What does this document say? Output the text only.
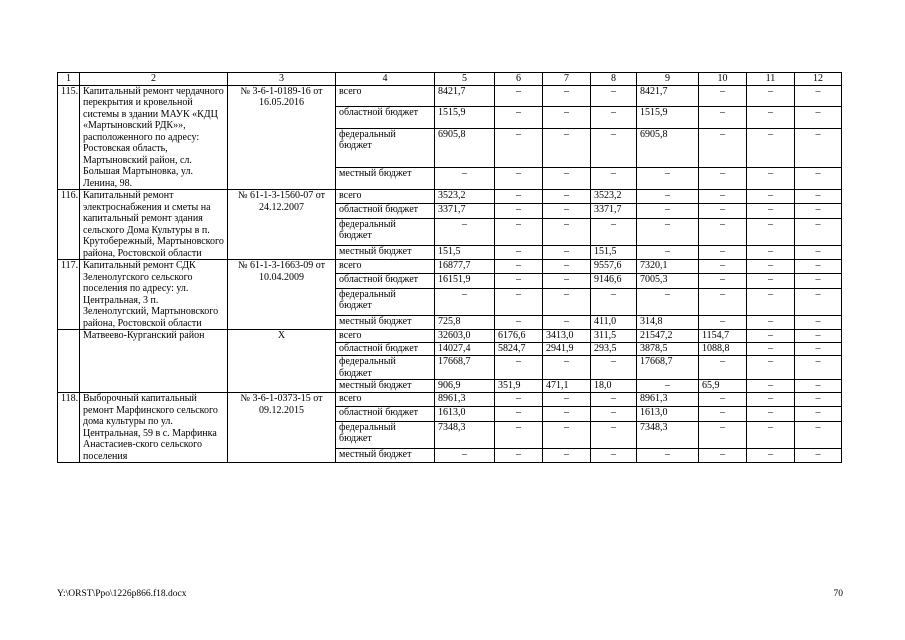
1	2	3	4	5	6	7	8	9	10	11	12
115.	Капитальный ремонт чердачного перекрытия и кровельной системы в здании МАУК «КДЦ «Мартыновский РДК»», расположенного по адресу: Ростовская область, Мартыновский район, сл. Большая Мартыновка, ул. Ленина, 98.	№ 3-6-1-0189-16 от 16.05.2016	всего	8421,7	–	–	–	8421,7	–	–	–
			областной бюджет	1515,9	–	–	–	1515,9	–	–	–
			федеральный бюджет	6905,8	–	–	–	6905,8	–	–	–
			местный бюджет	–	–	–	–	–	–	–	–
116.	Капитальный ремонт электроснабжения и сметы на капитальный ремонт здания сельского Дома Культуры в п. Крутобережный, Мартыновского района, Ростовской области	№ 61-1-3-1560-07 от 24.12.2007	всего	3523,2	–	–	3523,2	–	–	–	–
			областной бюджет	3371,7	–	–	3371,7	–	–	–	–
			федеральный бюджет	–	–	–	–	–	–	–	–
			местный бюджет	151,5	–	–	151,5	–	–	–	–
117.	Капитальный ремонт СДК Зеленолугского сельского поселения по адресу: ул. Центральная, 3 п. Зеленолугский, Мартыновского района, Ростовской области	№ 61-1-3-1663-09 от 10.04.2009	всего	16877,7	–	–	9557,6	7320,1	–	–	–
			областной бюджет	16151,9	–	–	9146,6	7005,3	–	–	–
			федеральный бюджет	–	–	–	–	–	–	–	–
			местный бюджет	725,8	–	–	411,0	314,8	–	–	–
	Матвеево-Курганский район	Х	всего	32603,0	6176,6	3413,0	311,5	21547,2	1154,7	–	–
			областной бюджет	14027,4	5824,7	2941,9	293,5	3878,5	1088,8	–	–
			федеральный бюджет	17668,7	–	–	–	17668,7	–	–	–
			местный бюджет	906,9	351,9	471,1	18,0	–	65,9	–	–
118.	Выборочный капитальный ремонт Марфинского сельского дома культуры по ул. Центральная, 59 в с. Марфинка Анастасиев-ского сельского поселения	№ 3-6-1-0373-15 от 09.12.2015	всего	8961,3	–	–	–	8961,3	–	–	–
			областной бюджет	1613,0	–	–	–	1613,0	–	–	–
			федеральный бюджет	7348,3	–	–	–	7348,3	–	–	–
			местный бюджет	–	–	–	–	–	–	–	–
Y:\ORST\Ppo\1226p866.f18.docx	70
